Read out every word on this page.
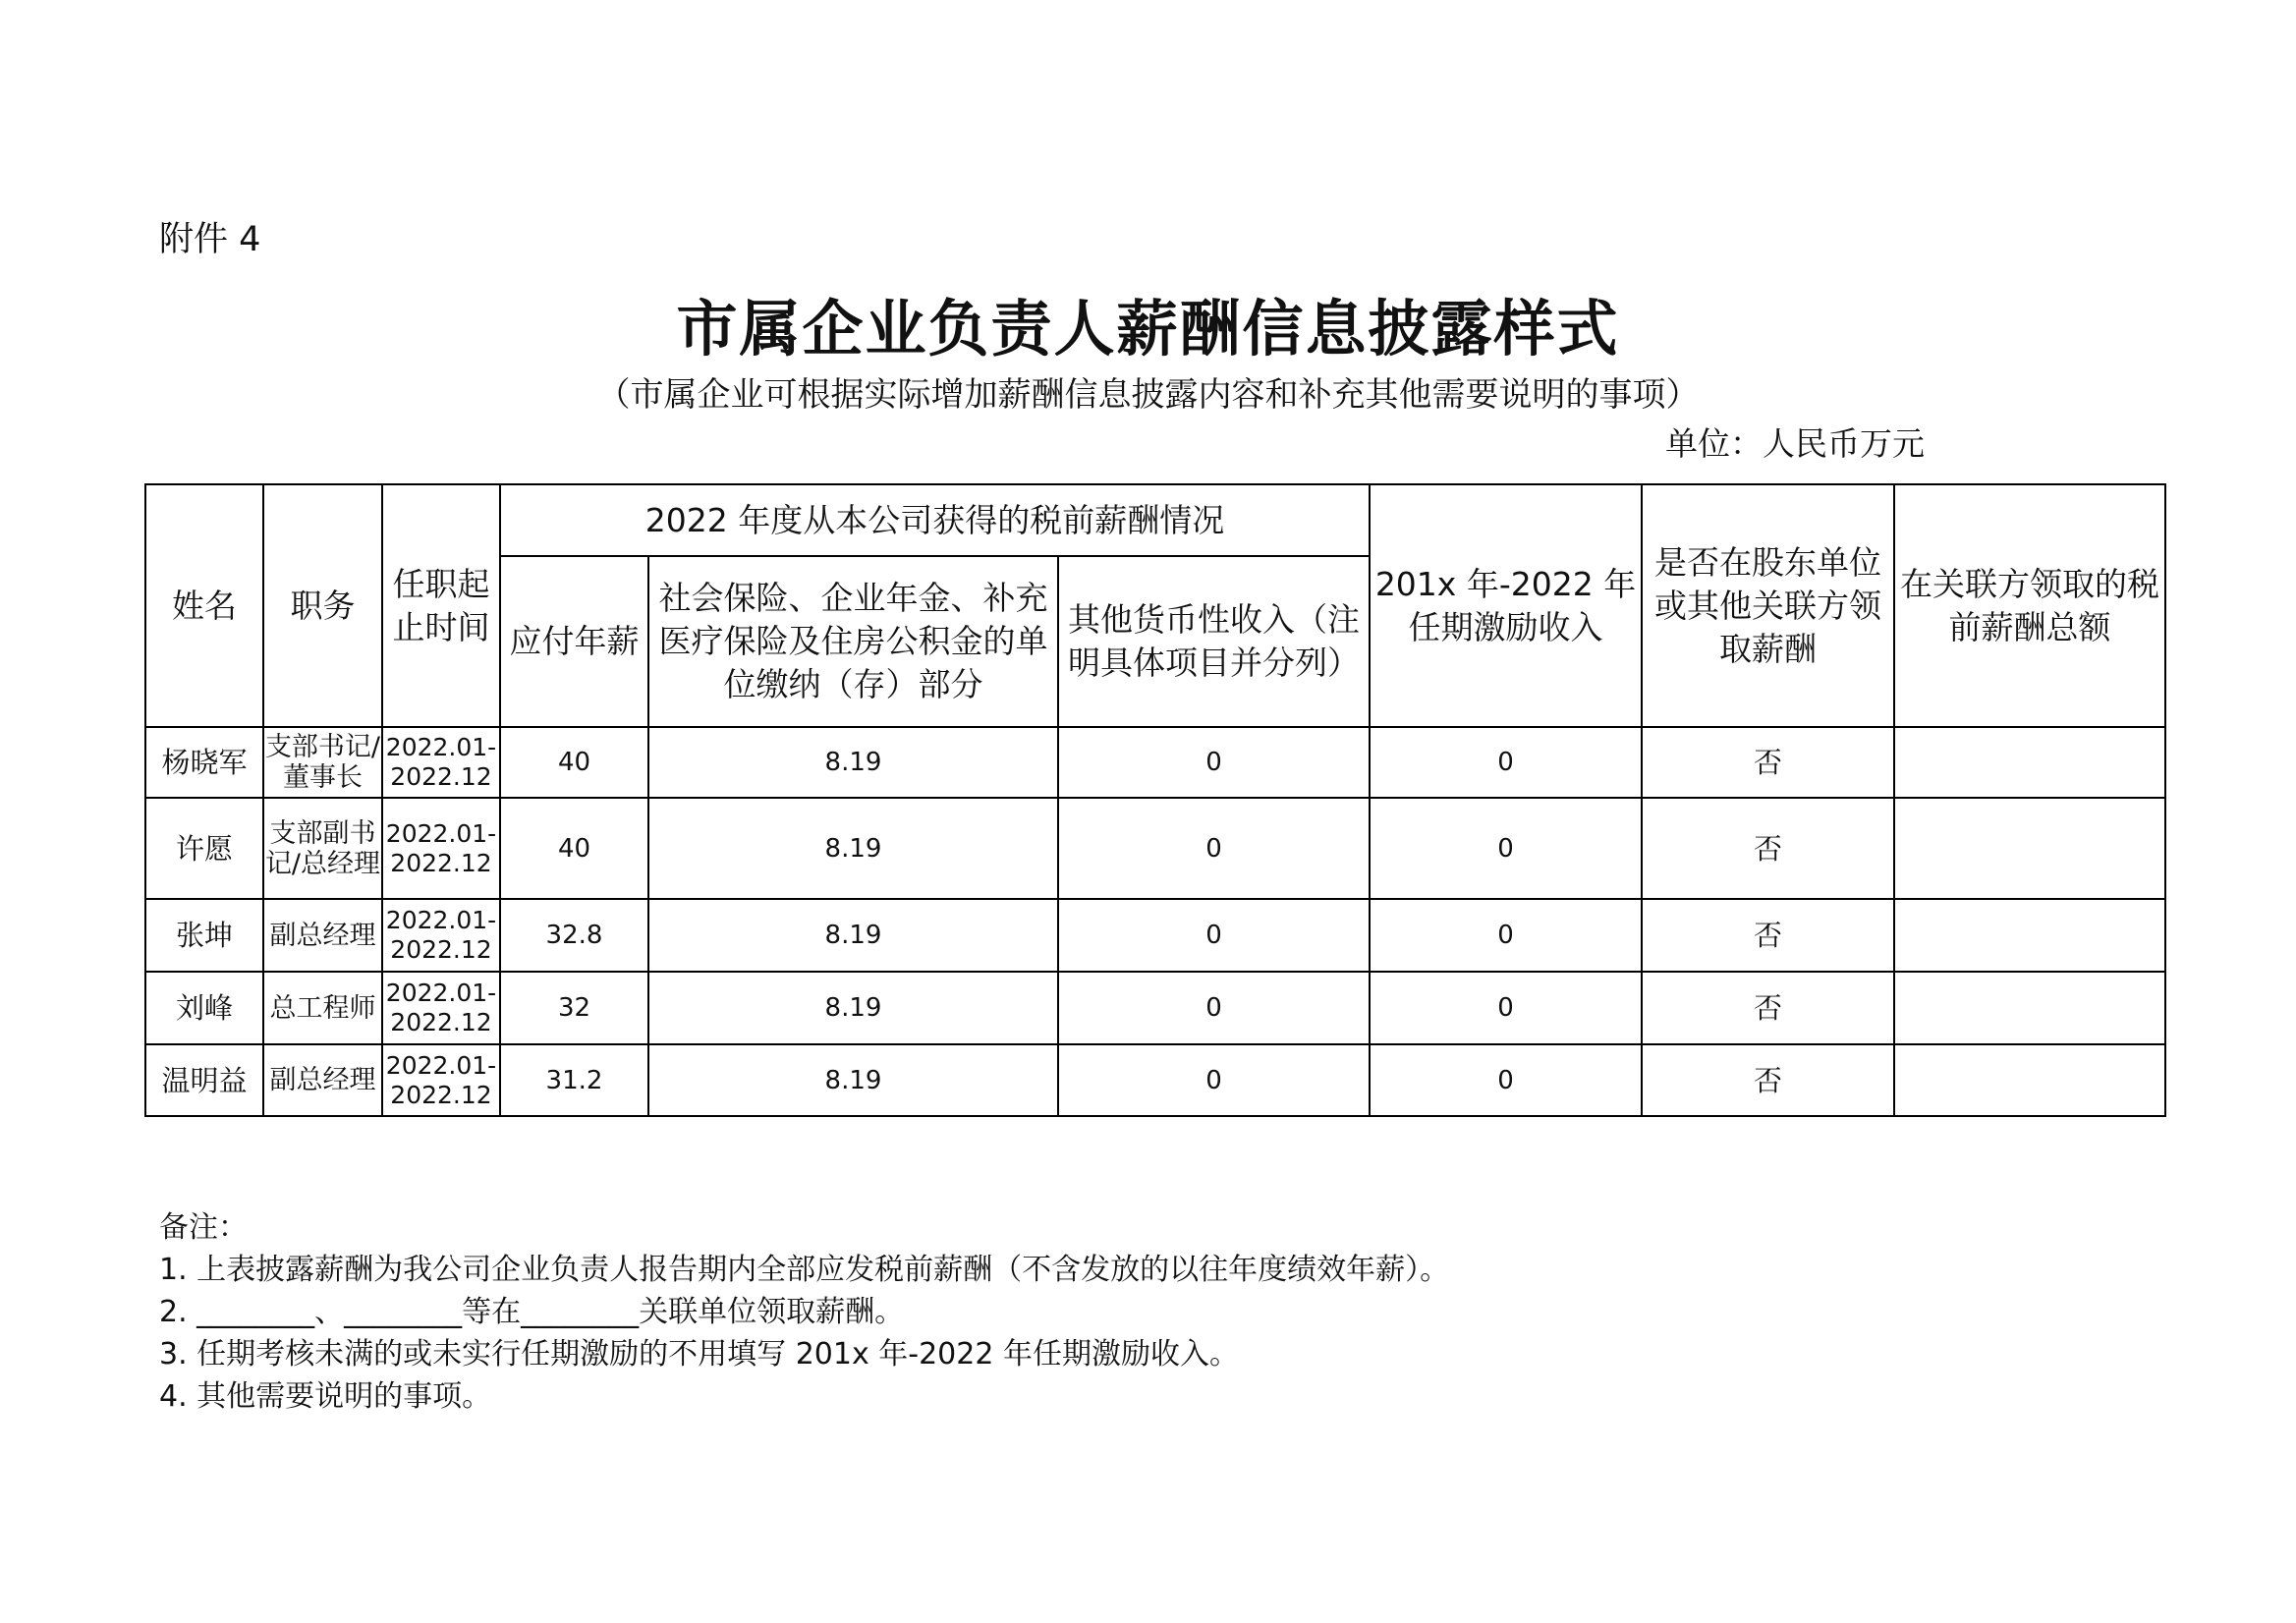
附件 4
市属企业负责人薪酬信息披露样式
（市属企业可根据实际增加薪酬信息披露内容和补充其他需要说明的事项）
单位：人民币万元
姓名	职务	任职起止时间	2022 年度从本公司获得的税前薪酬情况			201x 年-2022 年任期激励收入	是否在股东单位或其他关联方领取薪酬	在关联方领取的税前薪酬总额
			应付年薪	社会保险、企业年金、补充医疗保险及住房公积金的单位缴纳（存）部分	其他货币性收入（注明具体项目并分列）			
杨晓军	支部书记/董事长	2022.01-2022.12	40	8.19	0	0	否	
许愿	支部副书记/总经理	2022.01-2022.12	40	8.19	0	0	否	
张坤	副总经理	2022.01-2022.12	32.8	8.19	0	0	否	
刘峰	总工程师	2022.01-2022.12	32	8.19	0	0	否	
温明益	副总经理	2022.01-2022.12	31.2	8.19	0	0	否	
备注：
1. 上表披露薪酬为我公司企业负责人报告期内全部应发税前薪酬（不含发放的以往年度绩效年薪）。
2. ________、________等在________关联单位领取薪酬。
3. 任期考核未满的或未实行任期激励的不用填写 201x 年-2022 年任期激励收入。
4. 其他需要说明的事项。
